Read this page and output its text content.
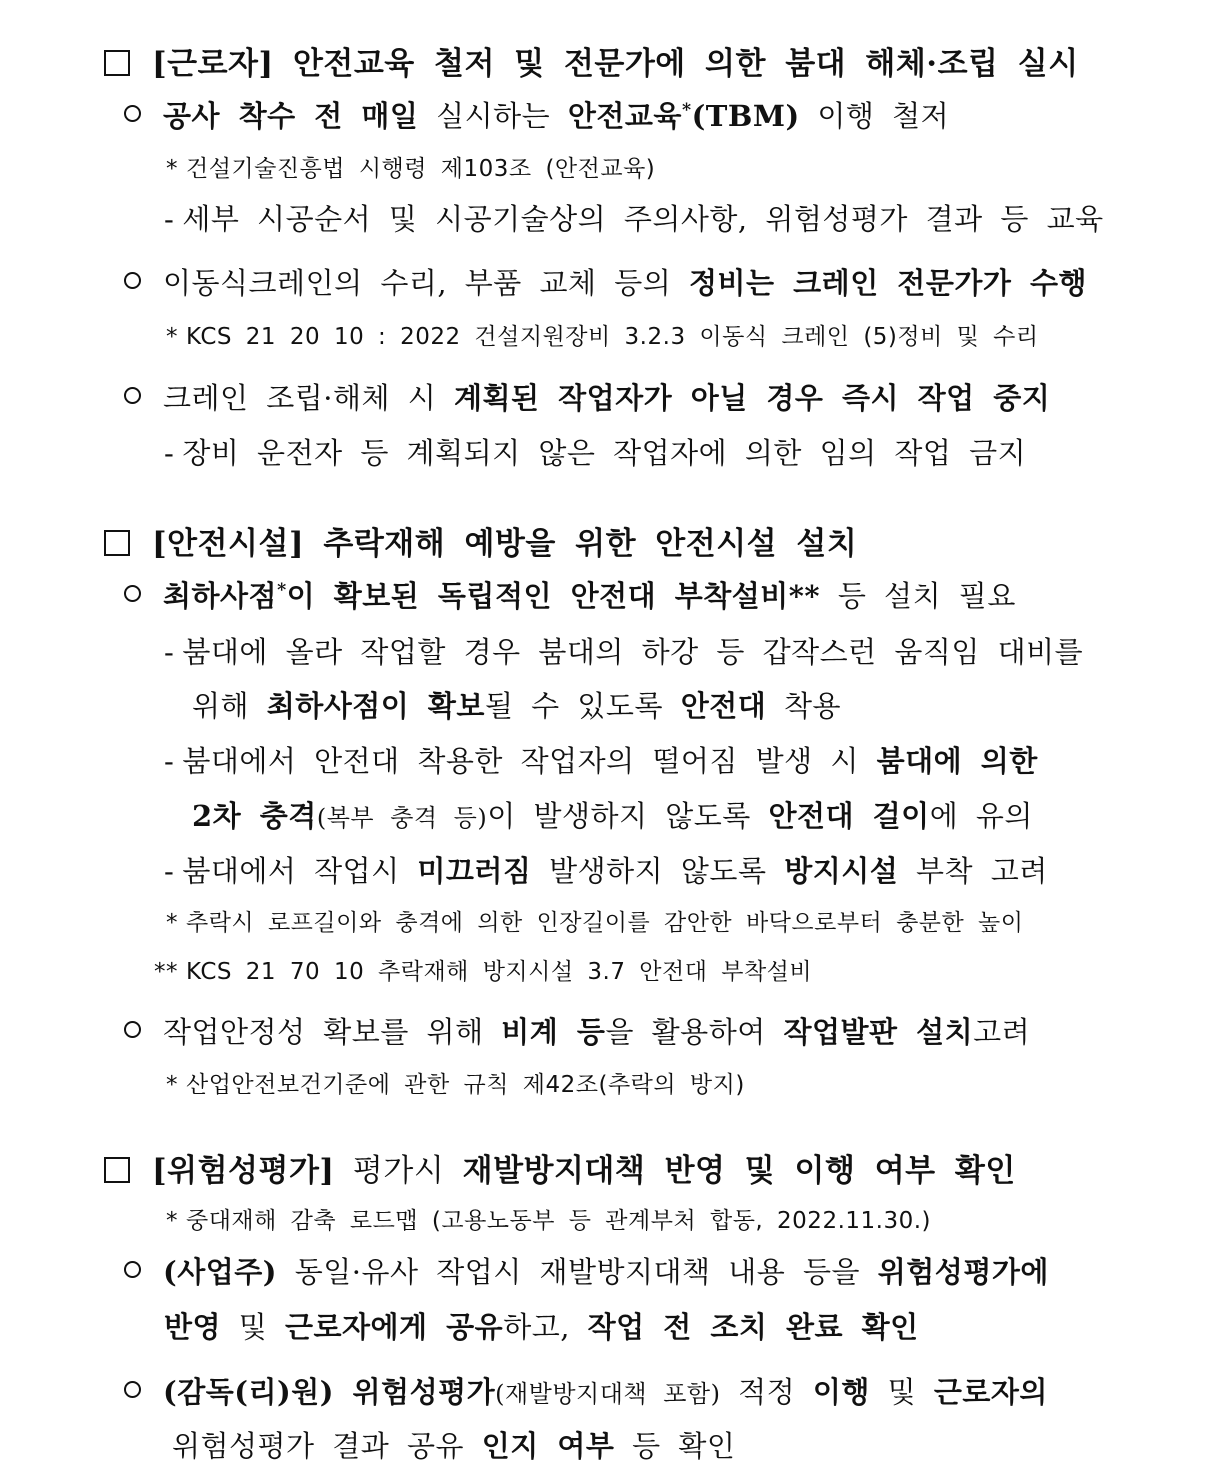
[근로자] 안전교육 철저 및 전문가에 의한 붐대 해체·조립 실시
공사 착수 전 매일 실시하는 안전교육*(TBM) 이행 철저
* 건설기술진흥법 시행령 제103조 (안전교육)
- 세부 시공순서 및 시공기술상의 주의사항, 위험성평가 결과 등 교육
이동식크레인의 수리, 부품 교체 등의 정비는 크레인 전문가가 수행
* KCS 21 20 10 : 2022 건설지원장비 3.2.3 이동식 크레인 (5)정비 및 수리
크레인 조립·해체 시 계획된 작업자가 아닐 경우 즉시 작업 중지
- 장비 운전자 등 계획되지 않은 작업자에 의한 임의 작업 금지
[안전시설] 추락재해 예방을 위한 안전시설 설치
최하사점*이 확보된 독립적인 안전대 부착설비** 등 설치 필요
- 붐대에 올라 작업할 경우 붐대의 하강 등 갑작스런 움직임 대비를
위해 최하사점이 확보될 수 있도록 안전대 착용
- 붐대에서 안전대 착용한 작업자의 떨어짐 발생 시 붐대에 의한
2차 충격(복부 충격 등)이 발생하지 않도록 안전대 걸이에 유의
- 붐대에서 작업시 미끄러짐 발생하지 않도록 방지시설 부착 고려
* 추락시 로프길이와 충격에 의한 인장길이를 감안한 바닥으로부터 충분한 높이
** KCS 21 70 10 추락재해 방지시설 3.7 안전대 부착설비
작업안정성 확보를 위해 비계 등을 활용하여 작업발판 설치고려
* 산업안전보건기준에 관한 규칙 제42조(추락의 방지)
[위험성평가] 평가시 재발방지대책 반영 및 이행 여부 확인
* 중대재해 감축 로드맵 (고용노동부 등 관계부처 합동, 2022.11.30.)
(사업주) 동일·유사 작업시 재발방지대책 내용 등을 위험성평가에
반영 및 근로자에게 공유하고, 작업 전 조치 완료 확인
(감독(리)원) 위험성평가(재발방지대책 포함) 적정 이행 및 근로자의
위험성평가 결과 공유 인지 여부 등 확인
